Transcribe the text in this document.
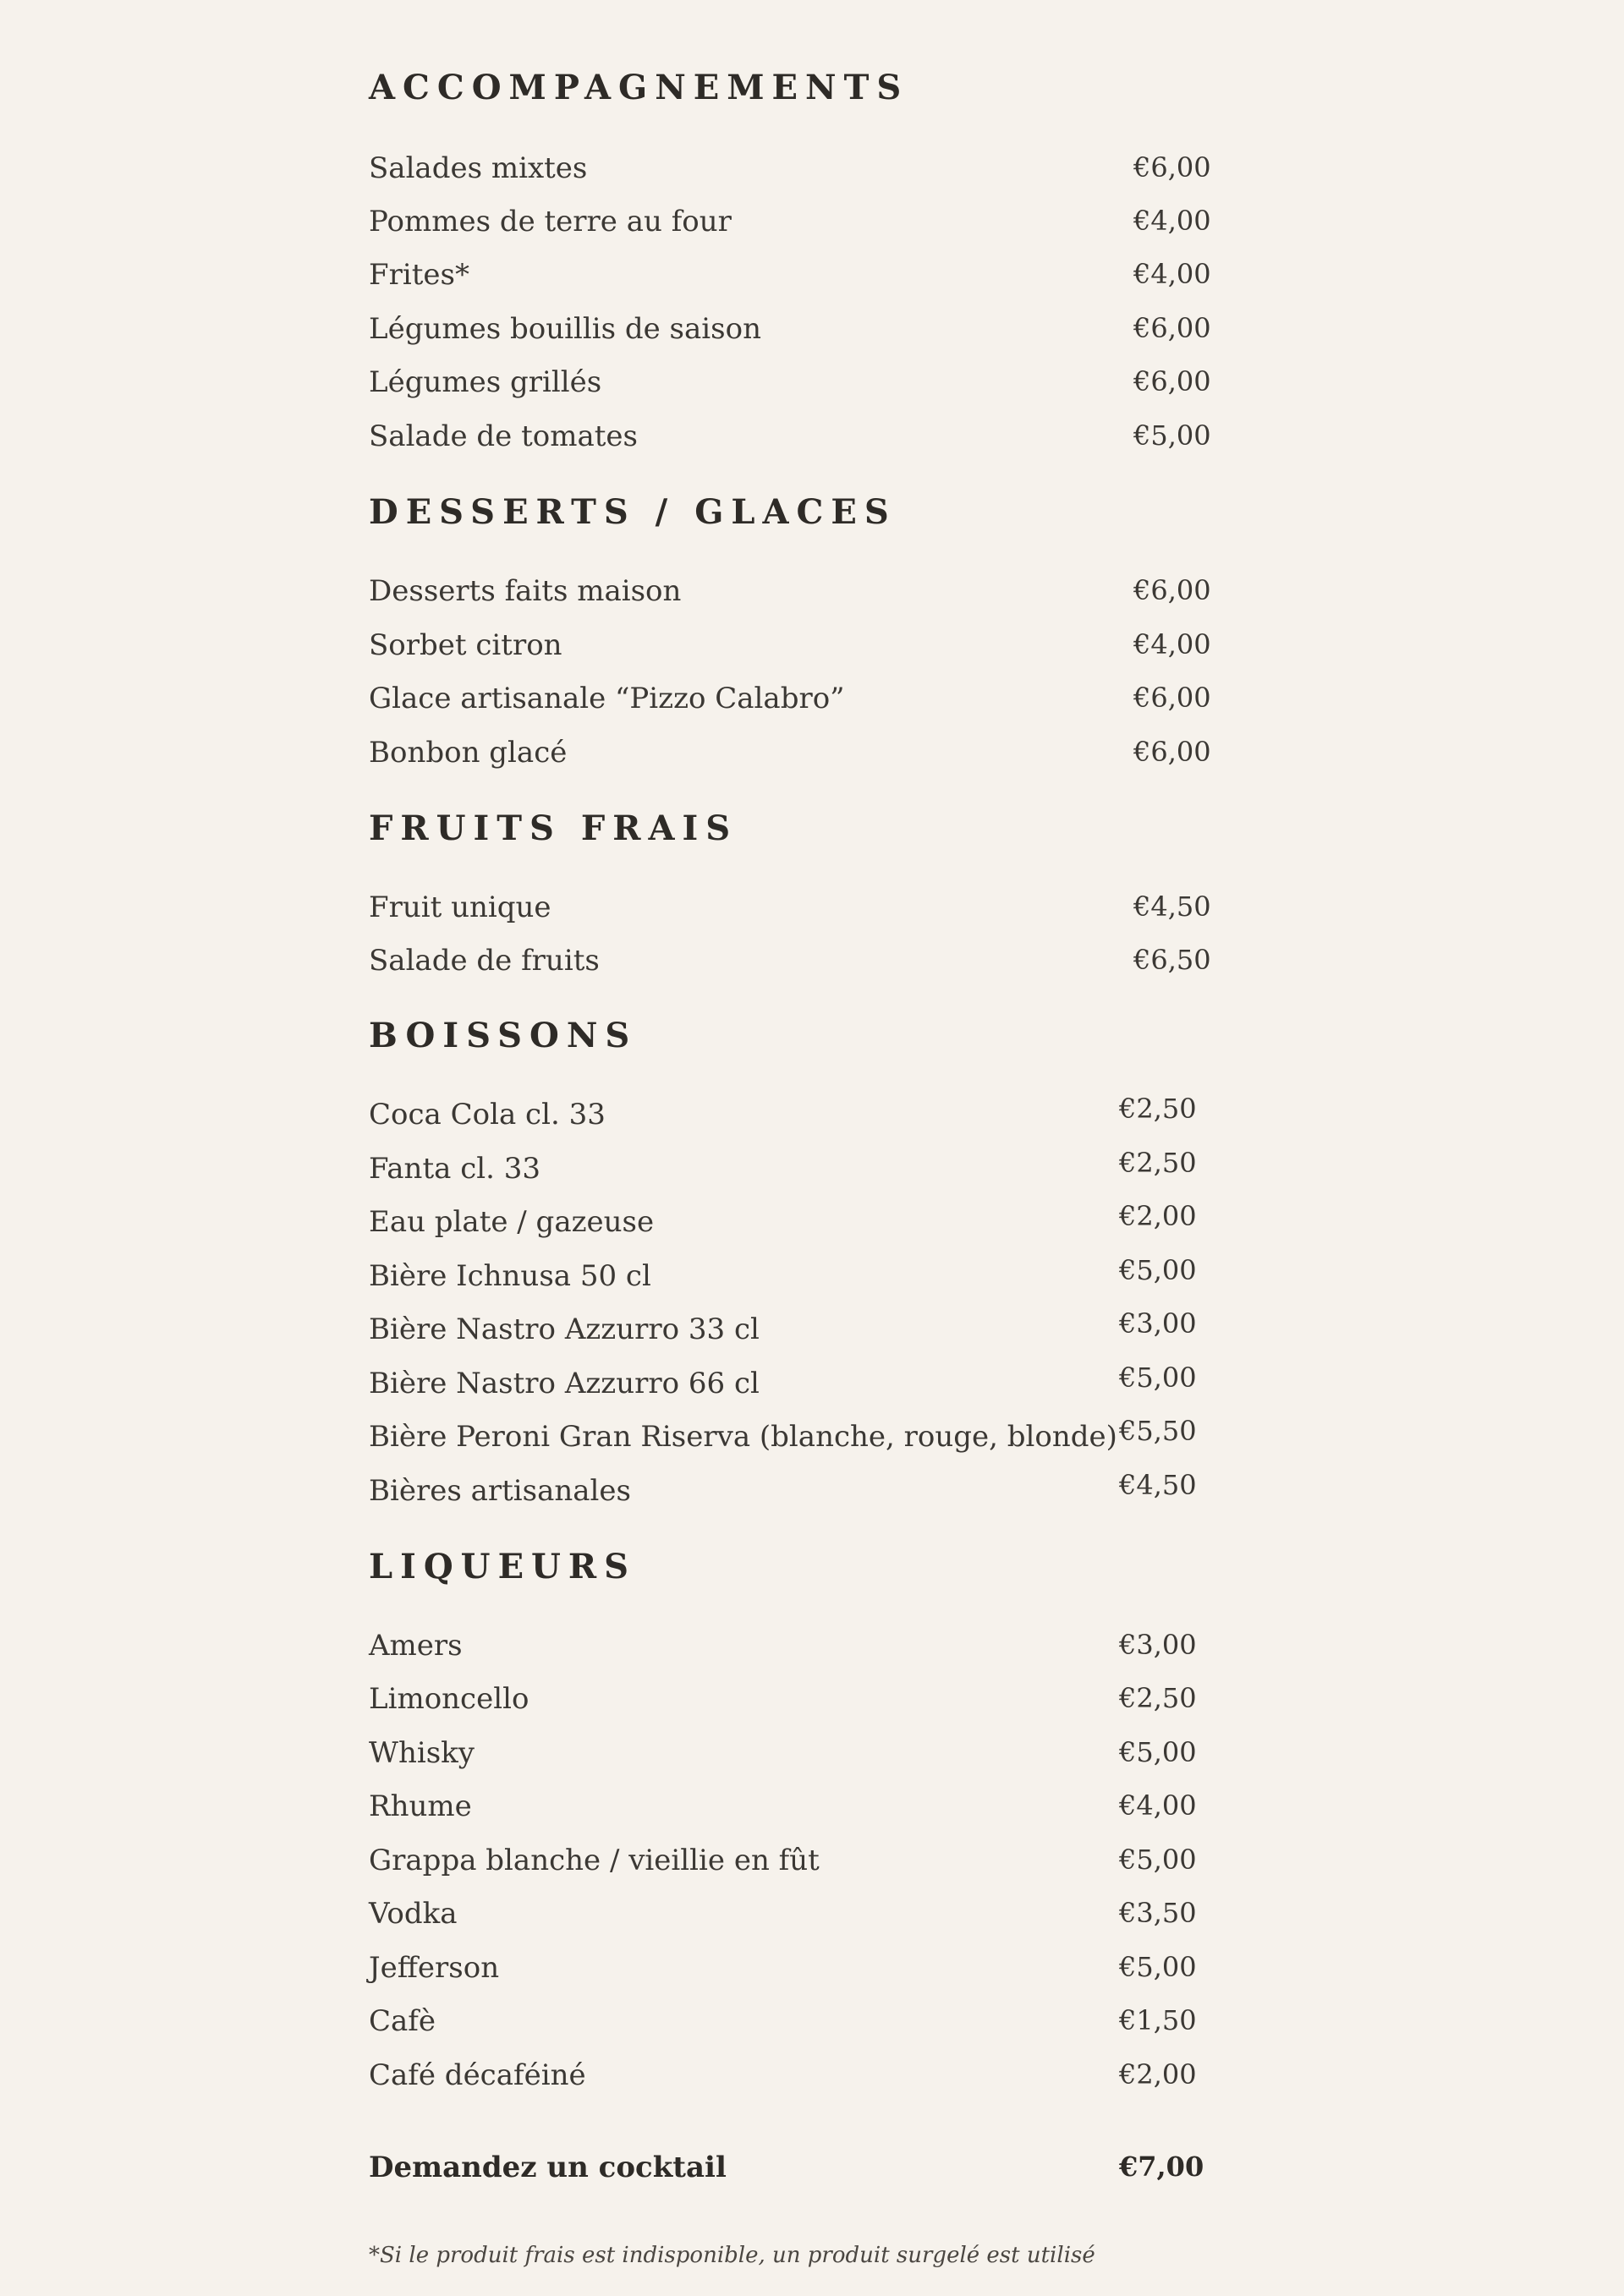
ACCOMPAGNEMENTS
Salades mixtes	€6,00
Pommes de terre au four	€4,00
Frites*	€4,00
Légumes bouillis de saison	€6,00
Légumes grillés	€6,00
Salade de tomates	€5,00
DESSERTS / GLACES
Desserts faits maison	€6,00
Sorbet citron	€4,00
Glace artisanale “Pizzo Calabro”	€6,00
Bonbon glacé	€6,00
FRUITS FRAIS
Fruit unique	€4,50
Salade de fruits	€6,50
BOISSONS
Coca Cola cl. 33	€2,50
Fanta cl. 33	€2,50
Eau plate / gazeuse	€2,00
Bière Ichnusa 50 cl	€5,00
Bière Nastro Azzurro 33 cl	€3,00
Bière Nastro Azzurro 66 cl	€5,00
Bière Peroni Gran Riserva (blanche, rouge, blonde) €5,50
Bières artisanales	€4,50
LIQUEURS
Amers	€3,00
Limoncello	€2,50
Whisky	€5,00
Rhume	€4,00
Grappa blanche / vieillie en fût	€5,00
Vodka	€3,50
Jefferson	€5,00
Cafè	€1,50
Café décaféiné	€2,00
Demandez un cocktail	€7,00
*Si le produit frais est indisponible, un produit surgelé est utilisé
